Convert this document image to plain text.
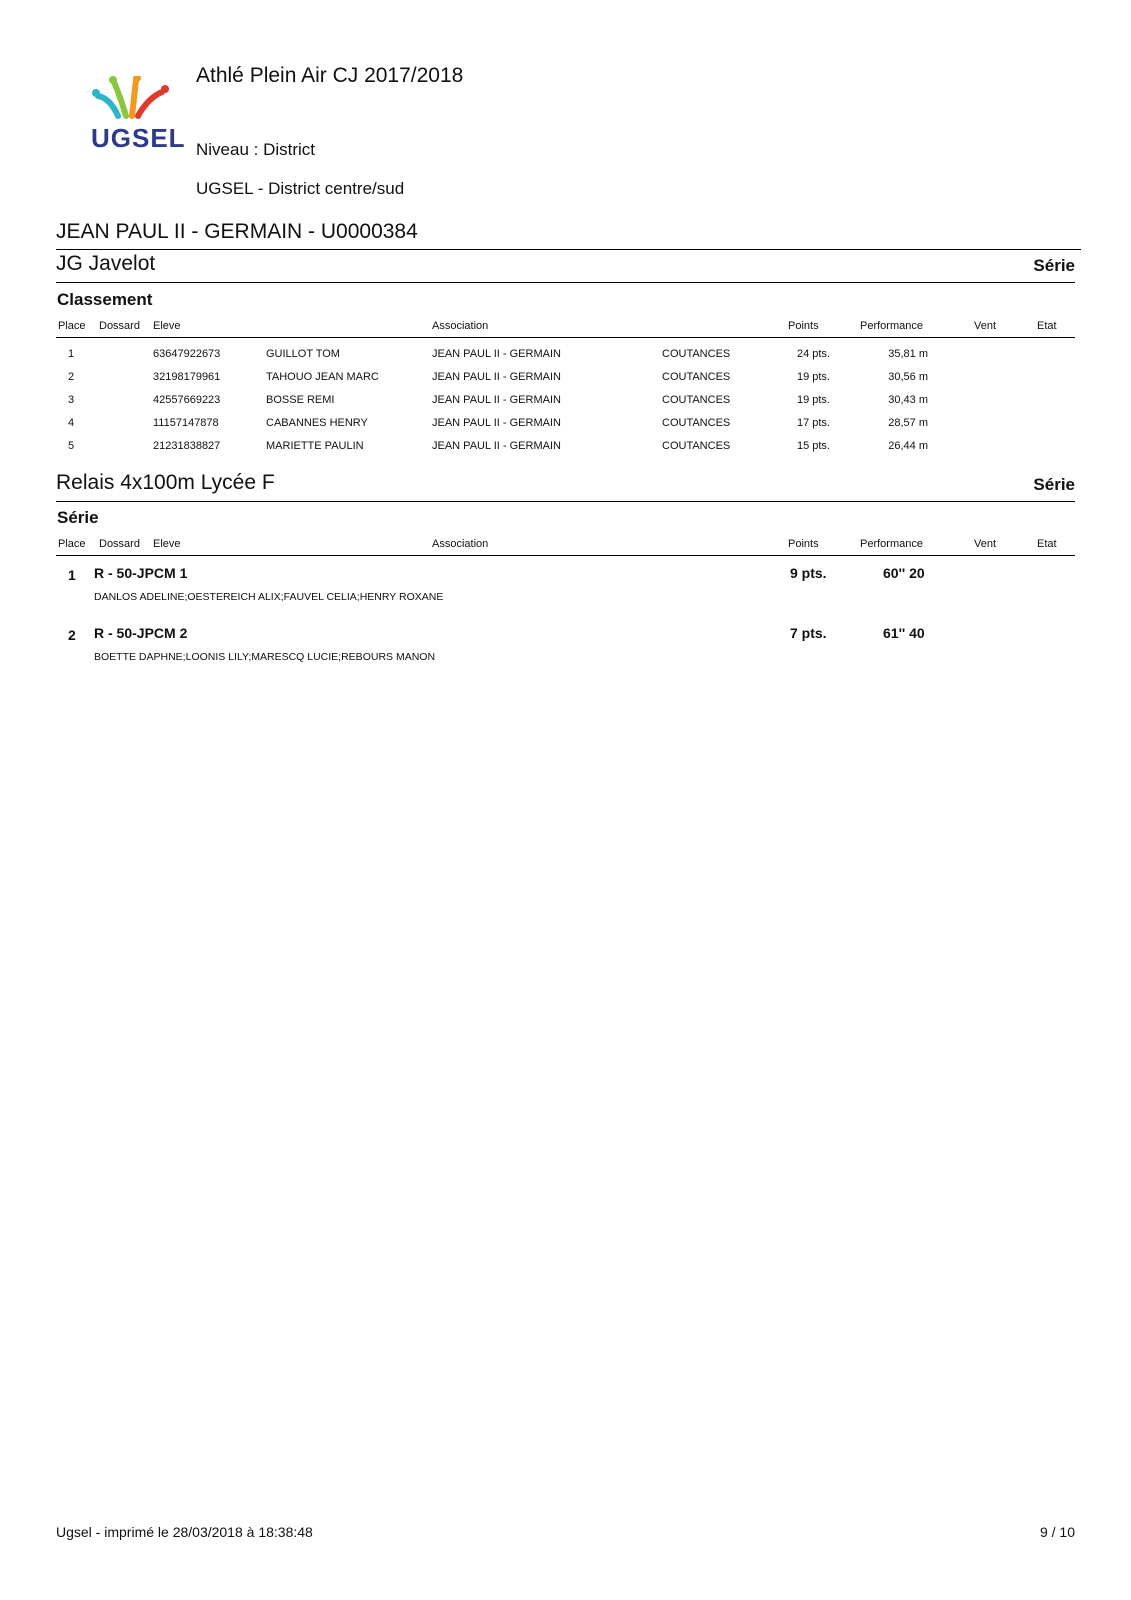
UGSEL
Athlé Plein Air CJ 2017/2018
Niveau : District
UGSEL - District centre/sud
JEAN PAUL II - GERMAIN - U0000384
JG Javelot	Série
Classement
Place Dossard Eleve	Association	Points	Performance	Vent	Etat
1	63647922673	GUILLOT TOM	JEAN PAUL II - GERMAIN	COUTANCES	24 pts.	35,81 m
2	32198179961	TAHOUO JEAN MARC	JEAN PAUL II - GERMAIN	COUTANCES	19 pts.	30,56 m
3	42557669223	BOSSE REMI	JEAN PAUL II - GERMAIN	COUTANCES	19 pts.	30,43 m
4	11157147878	CABANNES HENRY	JEAN PAUL II - GERMAIN	COUTANCES	17 pts.	28,57 m
5	21231838827	MARIETTE PAULIN	JEAN PAUL II - GERMAIN	COUTANCES	15 pts.	26,44 m
Relais 4x100m Lycée F	Série
Série
Place Dossard Eleve	Association	Points	Performance	Vent	Etat
1 R - 50-JPCM 1	9 pts.	60'' 20
DANLOS ADELINE;OESTEREICH ALIX;FAUVEL CELIA;HENRY ROXANE
2 R - 50-JPCM 2	7 pts.	61'' 40
BOETTE DAPHNE;LOONIS LILY;MARESCQ LUCIE;REBOURS MANON
Ugsel - imprimé le 28/03/2018 à 18:38:48	9 / 10
